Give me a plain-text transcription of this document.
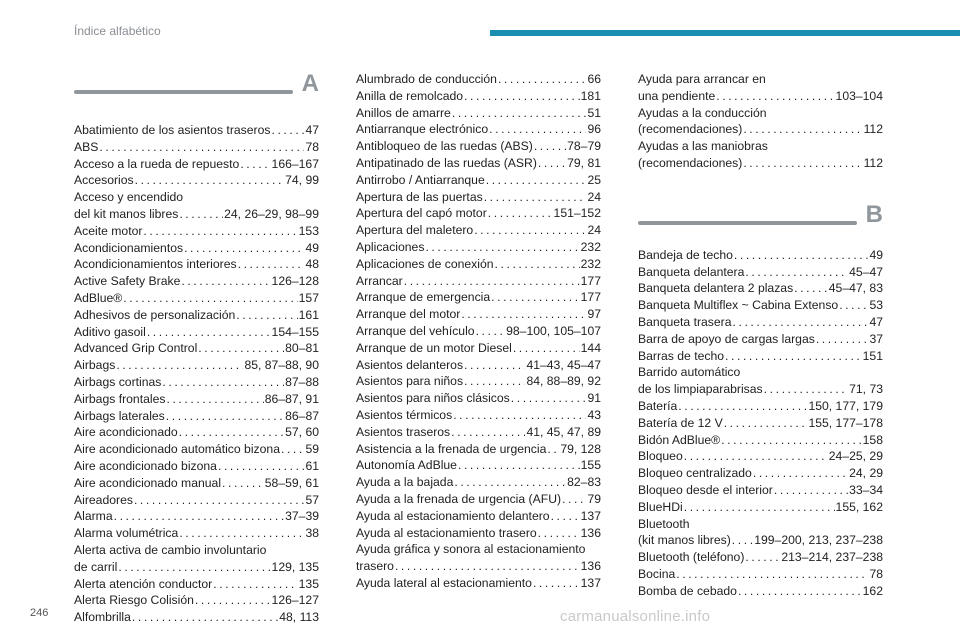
Índice alfabético
A
Abatimiento de los asientos traseros . . .	47
ABS . . .	78
Acceso a la rueda de repuesto . . .	166–167
Accesorios . . .	74, 99
Acceso y encendido
del kit manos libres . . .	24, 26–29, 98–99
Aceite motor . . .	153
Acondicionamientos . . .	49
Acondicionamientos interiores . . .	48
Active Safety Brake . . .	126–128
AdBlue® . . .	157
Adhesivos de personalización . . .	161
Aditivo gasoil . . .	154–155
Advanced Grip Control . . .	80–81
Airbags . . .	85, 87–88, 90
Airbags cortinas . . .	87–88
Airbags frontales . . .	86–87, 91
Airbags laterales . . .	86–87
Aire acondicionado . . .	57, 60
Aire acondicionado automático bizona . . . 59
Aire acondicionado bizona . . .	61
Aire acondicionado manual . . .	58–59, 61
Aireadores . . .	57
Alarma . . .	37–39
Alarma volumétrica . . .	38
Alerta activa de cambio involuntario
de carril . . .	129, 135
Alerta atención conductor . . .	135
Alerta Riesgo Colisión . . .	126–127
Alfombrilla . . .	48, 113
Alumbrado de conducción . . .	66
Anilla de remolcado . . .	181
Anillos de amarre . . .	51
Antiarranque electrónico . . .	96
Antibloqueo de las ruedas (ABS) . . .	78–79
Antipatinado de las ruedas (ASR) . . . 79, 81
Antirrobo / Antiarranque . . .	25
Apertura de las puertas . . .	24
Apertura del capó motor . . .	151–152
Apertura del maletero . . .	24
Aplicaciones . . .	232
Aplicaciones de conexión . . .	232
Arrancar . . .	177
Arranque de emergencia . . .	177
Arranque del motor . . .	97
Arranque del vehículo . . .	98–100, 105–107
Arranque de un motor Diesel . . .	144
Asientos delanteros . . .	41–43, 45–47
Asientos para niños . . .	84, 88–89, 92
Asientos para niños clásicos . . .	91
Asientos térmicos . . .	43
Asientos traseros . . .	41, 45, 47, 89
Asistencia a la frenada de urgencia . . . 79, 128
Autonomía AdBlue . . .	155
Ayuda a la bajada . . .	82–83
Ayuda a la frenada de urgencia (AFU) . . . 79
Ayuda al estacionamiento delantero . . .	137
Ayuda al estacionamiento trasero . . .	136
Ayuda gráfica y sonora al estacionamiento
trasero . . .	136
Ayuda lateral al estacionamiento . . .	137
Ayuda para arrancar en
una pendiente . . .	103–104
Ayudas a la conducción
(recomendaciones) . . .	112
Ayudas a las maniobras
(recomendaciones) . . .	112
B
Bandeja de techo . . .	49
Banqueta delantera . . .	45–47
Banqueta delantera 2 plazas . . .	45–47, 83
Banqueta Multiflex ~ Cabina Extenso . . .	53
Banqueta trasera . . .	47
Barra de apoyo de cargas largas . . .	37
Barras de techo . . .	151
Barrido automático
de los limpiaparabrisas . . .	71, 73
Batería . . .	150, 177, 179
Batería de 12 V . . .	155, 177–178
Bidón AdBlue® . . .	158
Bloqueo . . .	24–25, 29
Bloqueo centralizado . . .	24, 29
Bloqueo desde el interior . . .	33–34
BlueHDi . . .	155, 162
Bluetooth
(kit manos libres) . . . 199–200, 213, 237–238
Bluetooth (teléfono) . . .	213–214, 237–238
Bocina . . .	78
Bomba de cebado . . .	162
246	carmanualsonline.info
